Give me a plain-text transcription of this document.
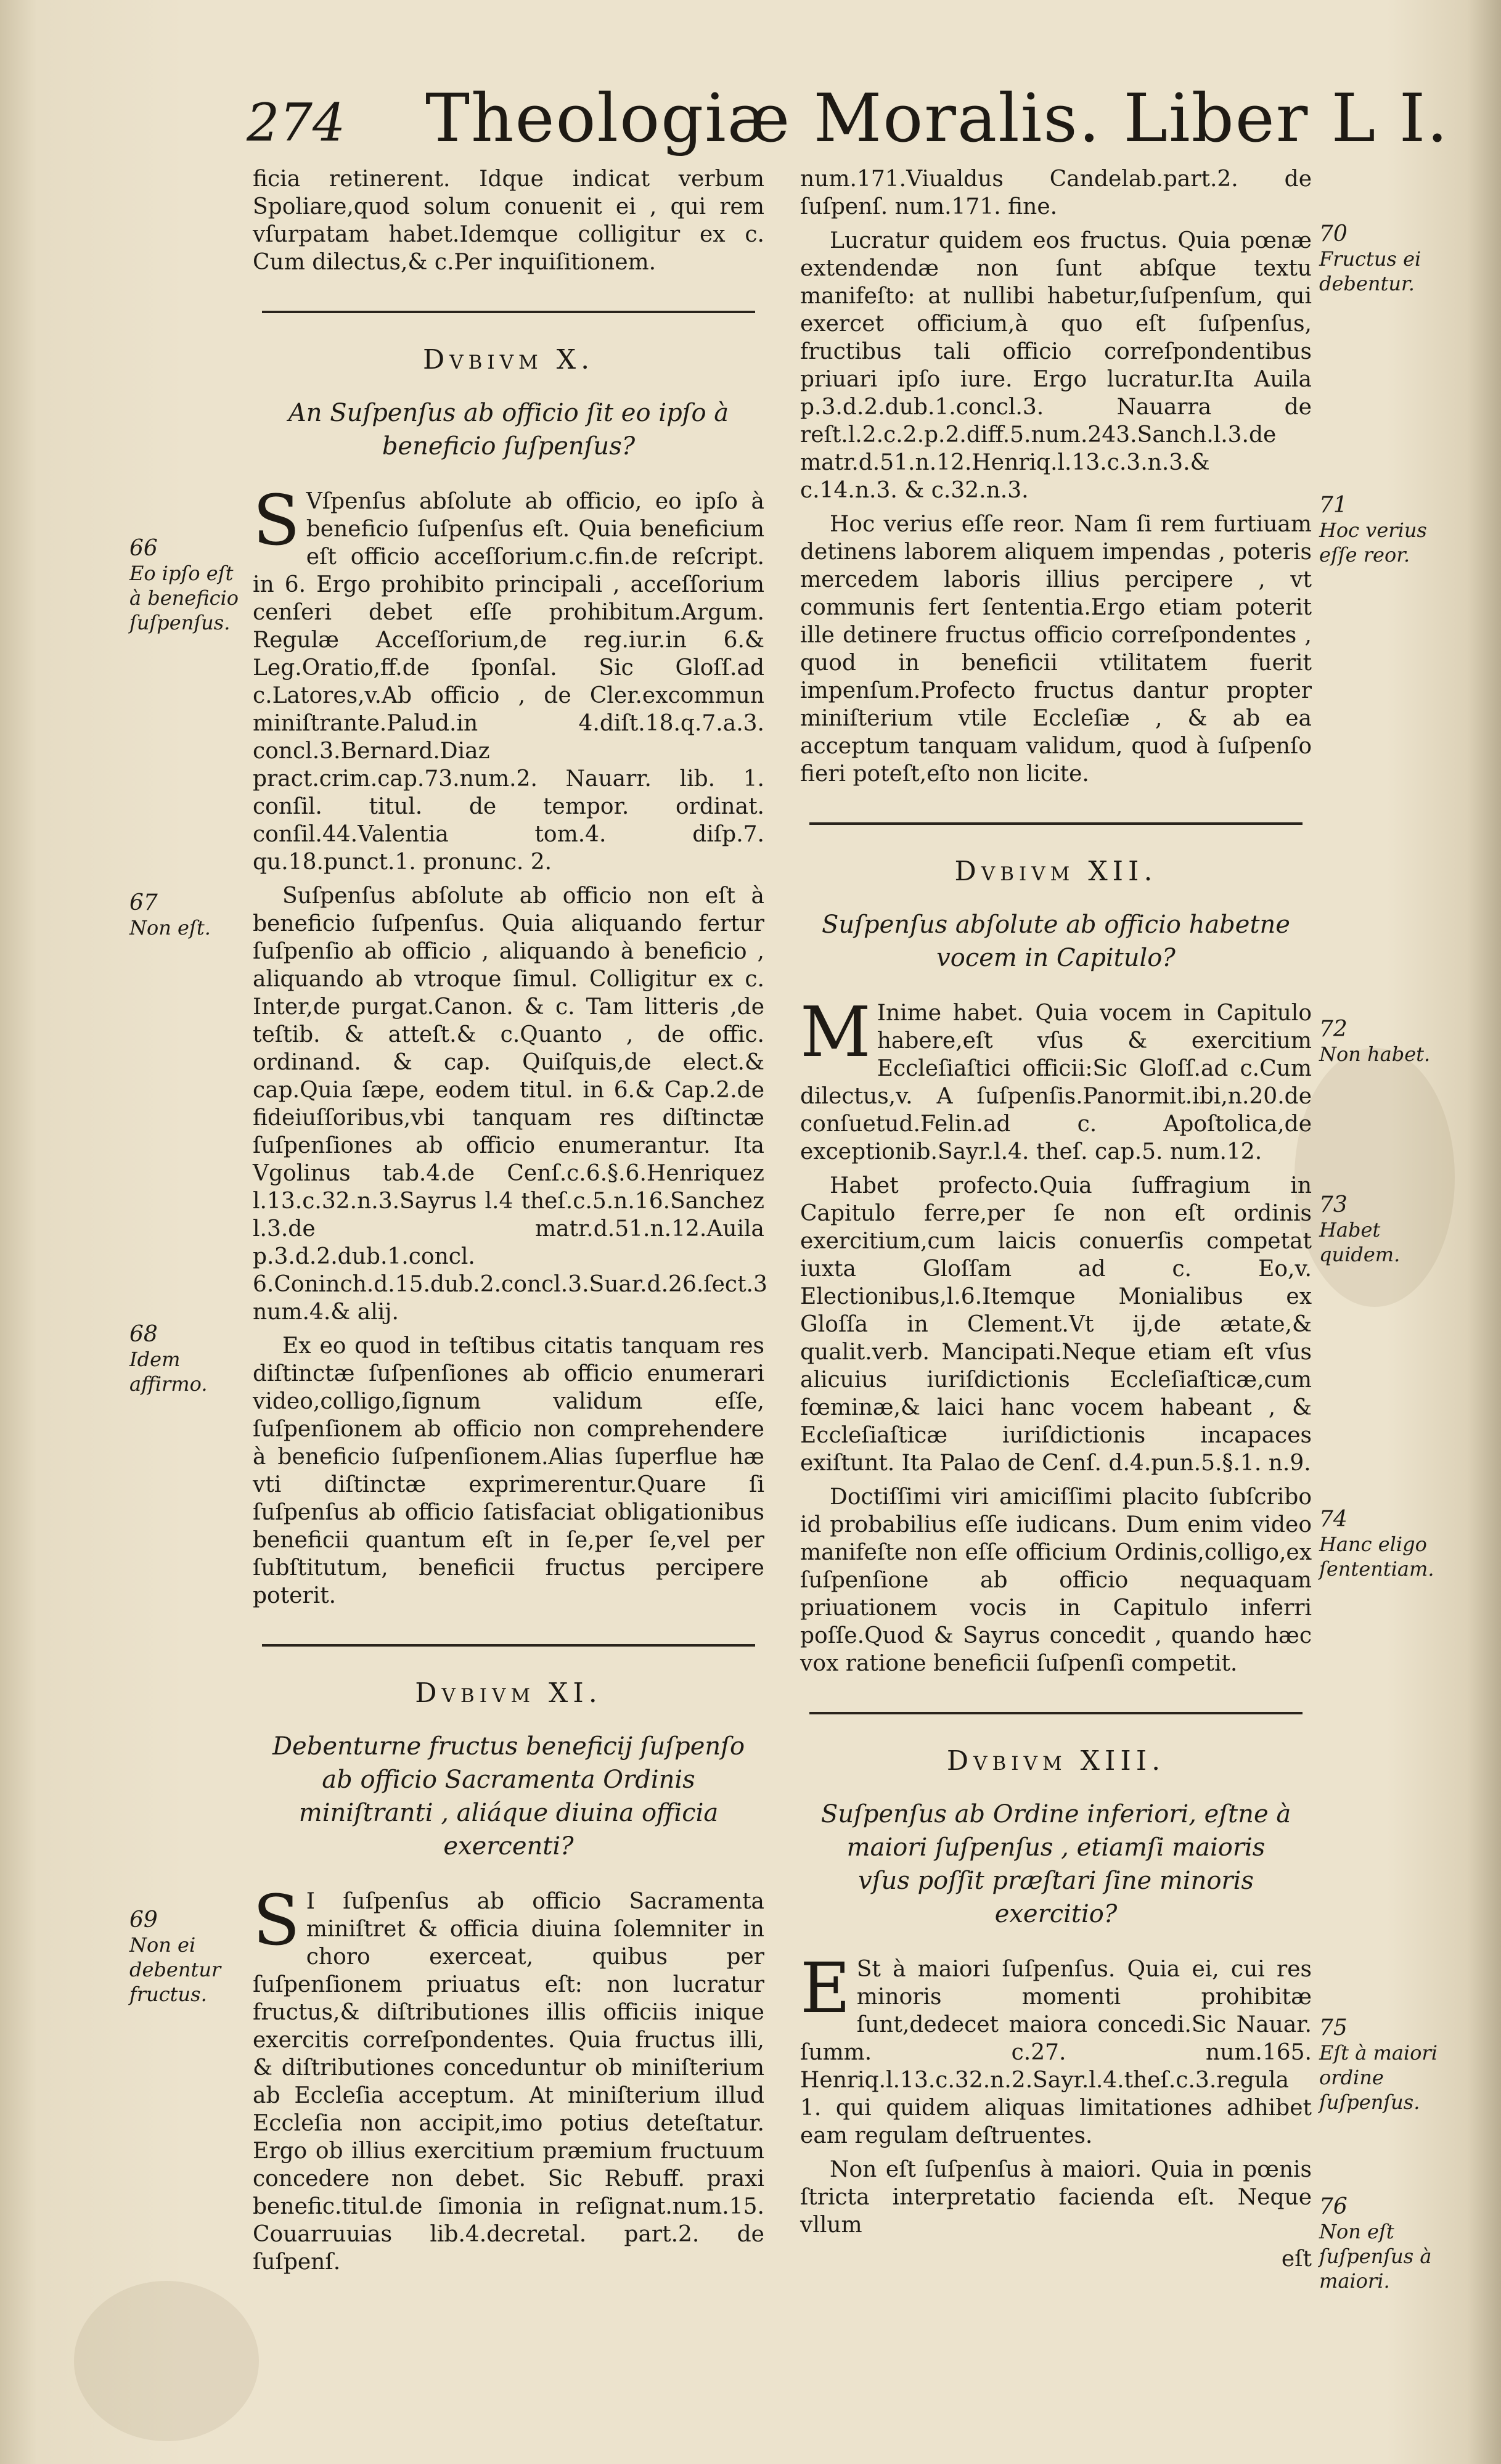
274 Theologiæ Moralis. Liber L I.

ficia retinerent. Idque indicat verbum Spoliare,quod solum conuenit ei , qui rem vſurpatam habet.Idemque colligitur ex c. Cum dilectus,& c.Per inquiſitionem.

Dvbivm X.
An Suſpenſus ab officio ſit eo ipſo à beneficio ſuſpenſus?

S Vſpenſus abſolute ab officio, eo ipſo à beneficio ſuſpenſus eſt. Quia beneficium eſt officio acceſſorium.c.fin.de reſcript. in 6. Ergo prohibito principali , acceſſorium cenſeri debet eſſe prohibitum.Argum. Regulæ Acceſſorium,de reg.iur.in 6.& Leg.Oratio,ff.de ſponſal. Sic Gloſſ.ad c.Latores,v.Ab officio , de Cler.excommun miniſtrante.Palud.in 4.diſt.18.q.7.a.3. concl.3.Bernard.Diaz pract.crim.cap.73.num.2. Nauarr. lib. 1. conſil. titul. de tempor. ordinat. conſil.44.Valentia tom.4. diſp.7. qu.18.punct.1. pronunc. 2.

Suſpenſus abſolute ab officio non eſt à beneficio ſuſpenſus. Quia aliquando fertur ſuſpenſio ab officio , aliquando à beneficio , aliquando ab vtroque ſimul. Colligitur ex c. Inter,de purgat.Canon. & c. Tam litteris ,de teſtib. & atteſt.& c.Quanto , de offic. ordinand. & cap. Quiſquis,de elect.& cap.Quia ſæpe, eodem titul. in 6.& Cap.2.de fideiuſſoribus,vbi tanquam res diſtinctæ ſuſpenſiones ab officio enumerantur. Ita Vgolinus tab.4.de Cenſ.c.6.§.6.Henriquez l.13.c.32.n.3.Sayrus l.4 theſ.c.5.n.16.Sanchez l.3.de matr.d.51.n.12.Auila p.3.d.2.dub.1.concl. 6.Coninch.d.15.dub.2.concl.3.Suar.d.26.ſect.3 num.4.& alij.

Ex eo quod in teſtibus citatis tanquam res diſtinctæ ſuſpenſiones ab officio enumerari video,colligo,ſignum validum eſſe, ſuſpenſionem ab officio non comprehendere à beneficio ſuſpenſionem.Alias ſuperflue hæ vti diſtinctæ exprimerentur.Quare ſi ſuſpenſus ab officio ſatisfaciat obligationibus beneficii quantum eſt in ſe,per ſe,vel per ſubſtitutum, beneficii fructus percipere poterit.

Dvbivm XI.
Debenturne fructus beneficij ſuſpenſo ab officio Sacramenta Ordinis miniſtranti , aliáque diuina officia exercenti?

S I ſuſpenſus ab officio Sacramenta miniſtret & officia diuina ſolemniter in choro exerceat, quibus per ſuſpenſionem priuatus eſt: non lucratur fructus,& diſtributiones illis officiis inique exercitis correſpondentes. Quia fructus illi, & diſtributiones conceduntur ob miniſterium ab Eccleſia acceptum. At miniſterium illud Eccleſia non accipit,imo potius deteſtatur. Ergo ob illius exercitium præmium fructuum concedere non debet. Sic Rebuff. praxi benefic.titul.de ſimonia in reſignat.num.15. Couarruuias lib.4.decretal. part.2. de ſuſpenſ.

num.171.Viualdus Candelab.part.2. de ſuſpenſ. num.171. fine.

Lucratur quidem eos fructus. Quia pœnæ extendendæ non ſunt abſque textu manifeſto: at nullibi habetur,ſuſpenſum, qui exercet officium,à quo eſt ſuſpenſus, fructibus tali officio correſpondentibus priuari ipſo iure. Ergo lucratur.Ita Auila p.3.d.2.dub.1.concl.3. Nauarra de reſt.l.2.c.2.p.2.diff.5.num.243.Sanch.l.3.de matr.d.51.n.12.Henriq.l.13.c.3.n.3.& c.14.n.3. & c.32.n.3.

Hoc verius eſſe reor. Nam ſi rem furtiuam detinens laborem aliquem impendas , poteris mercedem laboris illius percipere , vt communis fert ſententia.Ergo etiam poterit ille detinere fructus officio correſpondentes , quod in beneficii vtilitatem fuerit impenſum.Profecto fructus dantur propter miniſterium vtile Eccleſiæ , & ab ea acceptum tanquam validum, quod à ſuſpenſo fieri poteſt,eſto non licite.

Dvbivm XII.
Suſpenſus abſolute ab officio habetne vocem in Capitulo?

M Inime habet. Quia vocem in Capitulo habere,eſt vſus & exercitium Eccleſiaſtici officii:Sic Gloſſ.ad c.Cum dilectus,v. A ſuſpenſis.Panormit.ibi,n.20.de conſuetud.Felin.ad c. Apoſtolica,de exceptionib.Sayr.l.4. theſ. cap.5. num.12.

Habet profecto.Quia ſuffragium in Capitulo ferre,per ſe non eſt ordinis exercitium,cum laicis conuerſis competat iuxta Gloſſam ad c. Eo,v. Electionibus,l.6.Itemque Monialibus ex Gloſſa in Clement.Vt ij,de ætate,& qualit.verb. Mancipati.Neque etiam eſt vſus alicuius iuriſdictionis Eccleſiaſticæ,cum fœminæ,& laici hanc vocem habeant , & Eccleſiaſticæ iuriſdictionis incapaces exiſtunt. Ita Palao de Cenſ. d.4.pun.5.§.1. n.9.

Doctiſſimi viri amiciſſimi placito ſubſcribo id probabilius eſſe iudicans. Dum enim video manifeſte non eſſe officium Ordinis,colligo,ex ſuſpenſione ab officio nequaquam priuationem vocis in Capitulo inferri poſſe.Quod & Sayrus concedit , quando hæc vox ratione beneficii ſuſpenſi competit.

Dvbivm XIII.
Suſpenſus ab Ordine inferiori, eſtne à maiori ſuſpenſus , etiamſi maioris vſus poſſit præſtari ſine minoris exercitio?

E St à maiori ſuſpenſus. Quia ei, cui res minoris momenti prohibitæ ſunt,dedecet maiora concedi.Sic Nauar. ſumm. c.27. num.165. Henriq.l.13.c.32.n.2.Sayr.l.4.theſ.c.3.regula 1. qui quidem aliquas limitationes adhibet eam regulam deſtruentes.

Non eſt ſuſpenſus à maiori. Quia in pœnis ſtricta interpretatio facienda eſt. Neque vllum

eſt

66
Eo ipſo eſt à beneficio ſuſpenſus.
67
Non eſt.
68
Idem affirmo.
69
Non ei debentur fructus.
70
Fructus ei debentur.
71
Hoc verius eſſe reor.
72
Non habet.
73
Habet quidem.
74
Hanc eligo ſententiam.
75
Eſt à maiori ordine ſuſpenſus.
76
Non eſt ſuſpenſus à maiori.
